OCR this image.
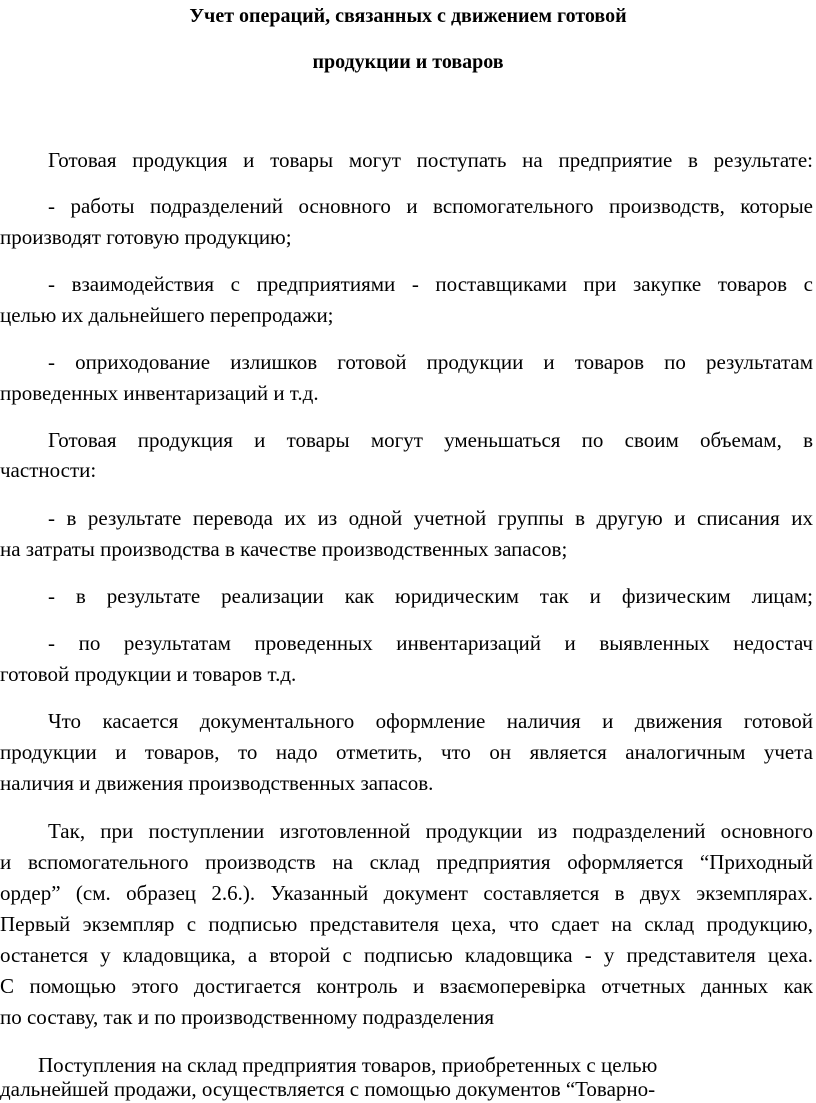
Учет операций, связанных с движением готовой
продукции и товаров
Готовая продукция и товары могут поступать на предприятие в результате:
- работы подразделений основного и вспомогательного производств, которые
производят готовую продукцию;
- взаимодействия с предприятиями - поставщиками при закупке товаров с
целью их дальнейшего перепродажи;
- оприходование излишков готовой продукции и товаров по результатам
проведенных инвентаризаций и т.д.
Готовая продукция и товары могут уменьшаться по своим объемам, в
частности:
- в результате перевода их из одной учетной группы в другую и списания их
на затраты производства в качестве производственных запасов;
- в результате реализации как юридическим так и физическим лицам;
- по результатам проведенных инвентаризаций и выявленных недостач
готовой продукции и товаров т.д.
Что касается документального оформление наличия и движения готовой
продукции и товаров, то надо отметить, что он является аналогичным учета
наличия и движения производственных запасов.
Так, при поступлении изготовленной продукции из подразделений основного
и вспомогательного производств на склад предприятия оформляется “Приходный
ордер” (см. образец 2.6.). Указанный документ составляется в двух экземплярах.
Первый экземпляр с подписью представителя цеха, что сдает на склад продукцию,
останется у кладовщика, а второй с подписью кладовщика - у представителя цеха.
С помощью этого достигается контроль и взаємоперевірка отчетных данных как
по составу, так и по производственному подразделения
Поступления на склад предприятия товаров, приобретенных с целью
дальнейшей продажи, осуществляется с помощью документов “Товарно-
